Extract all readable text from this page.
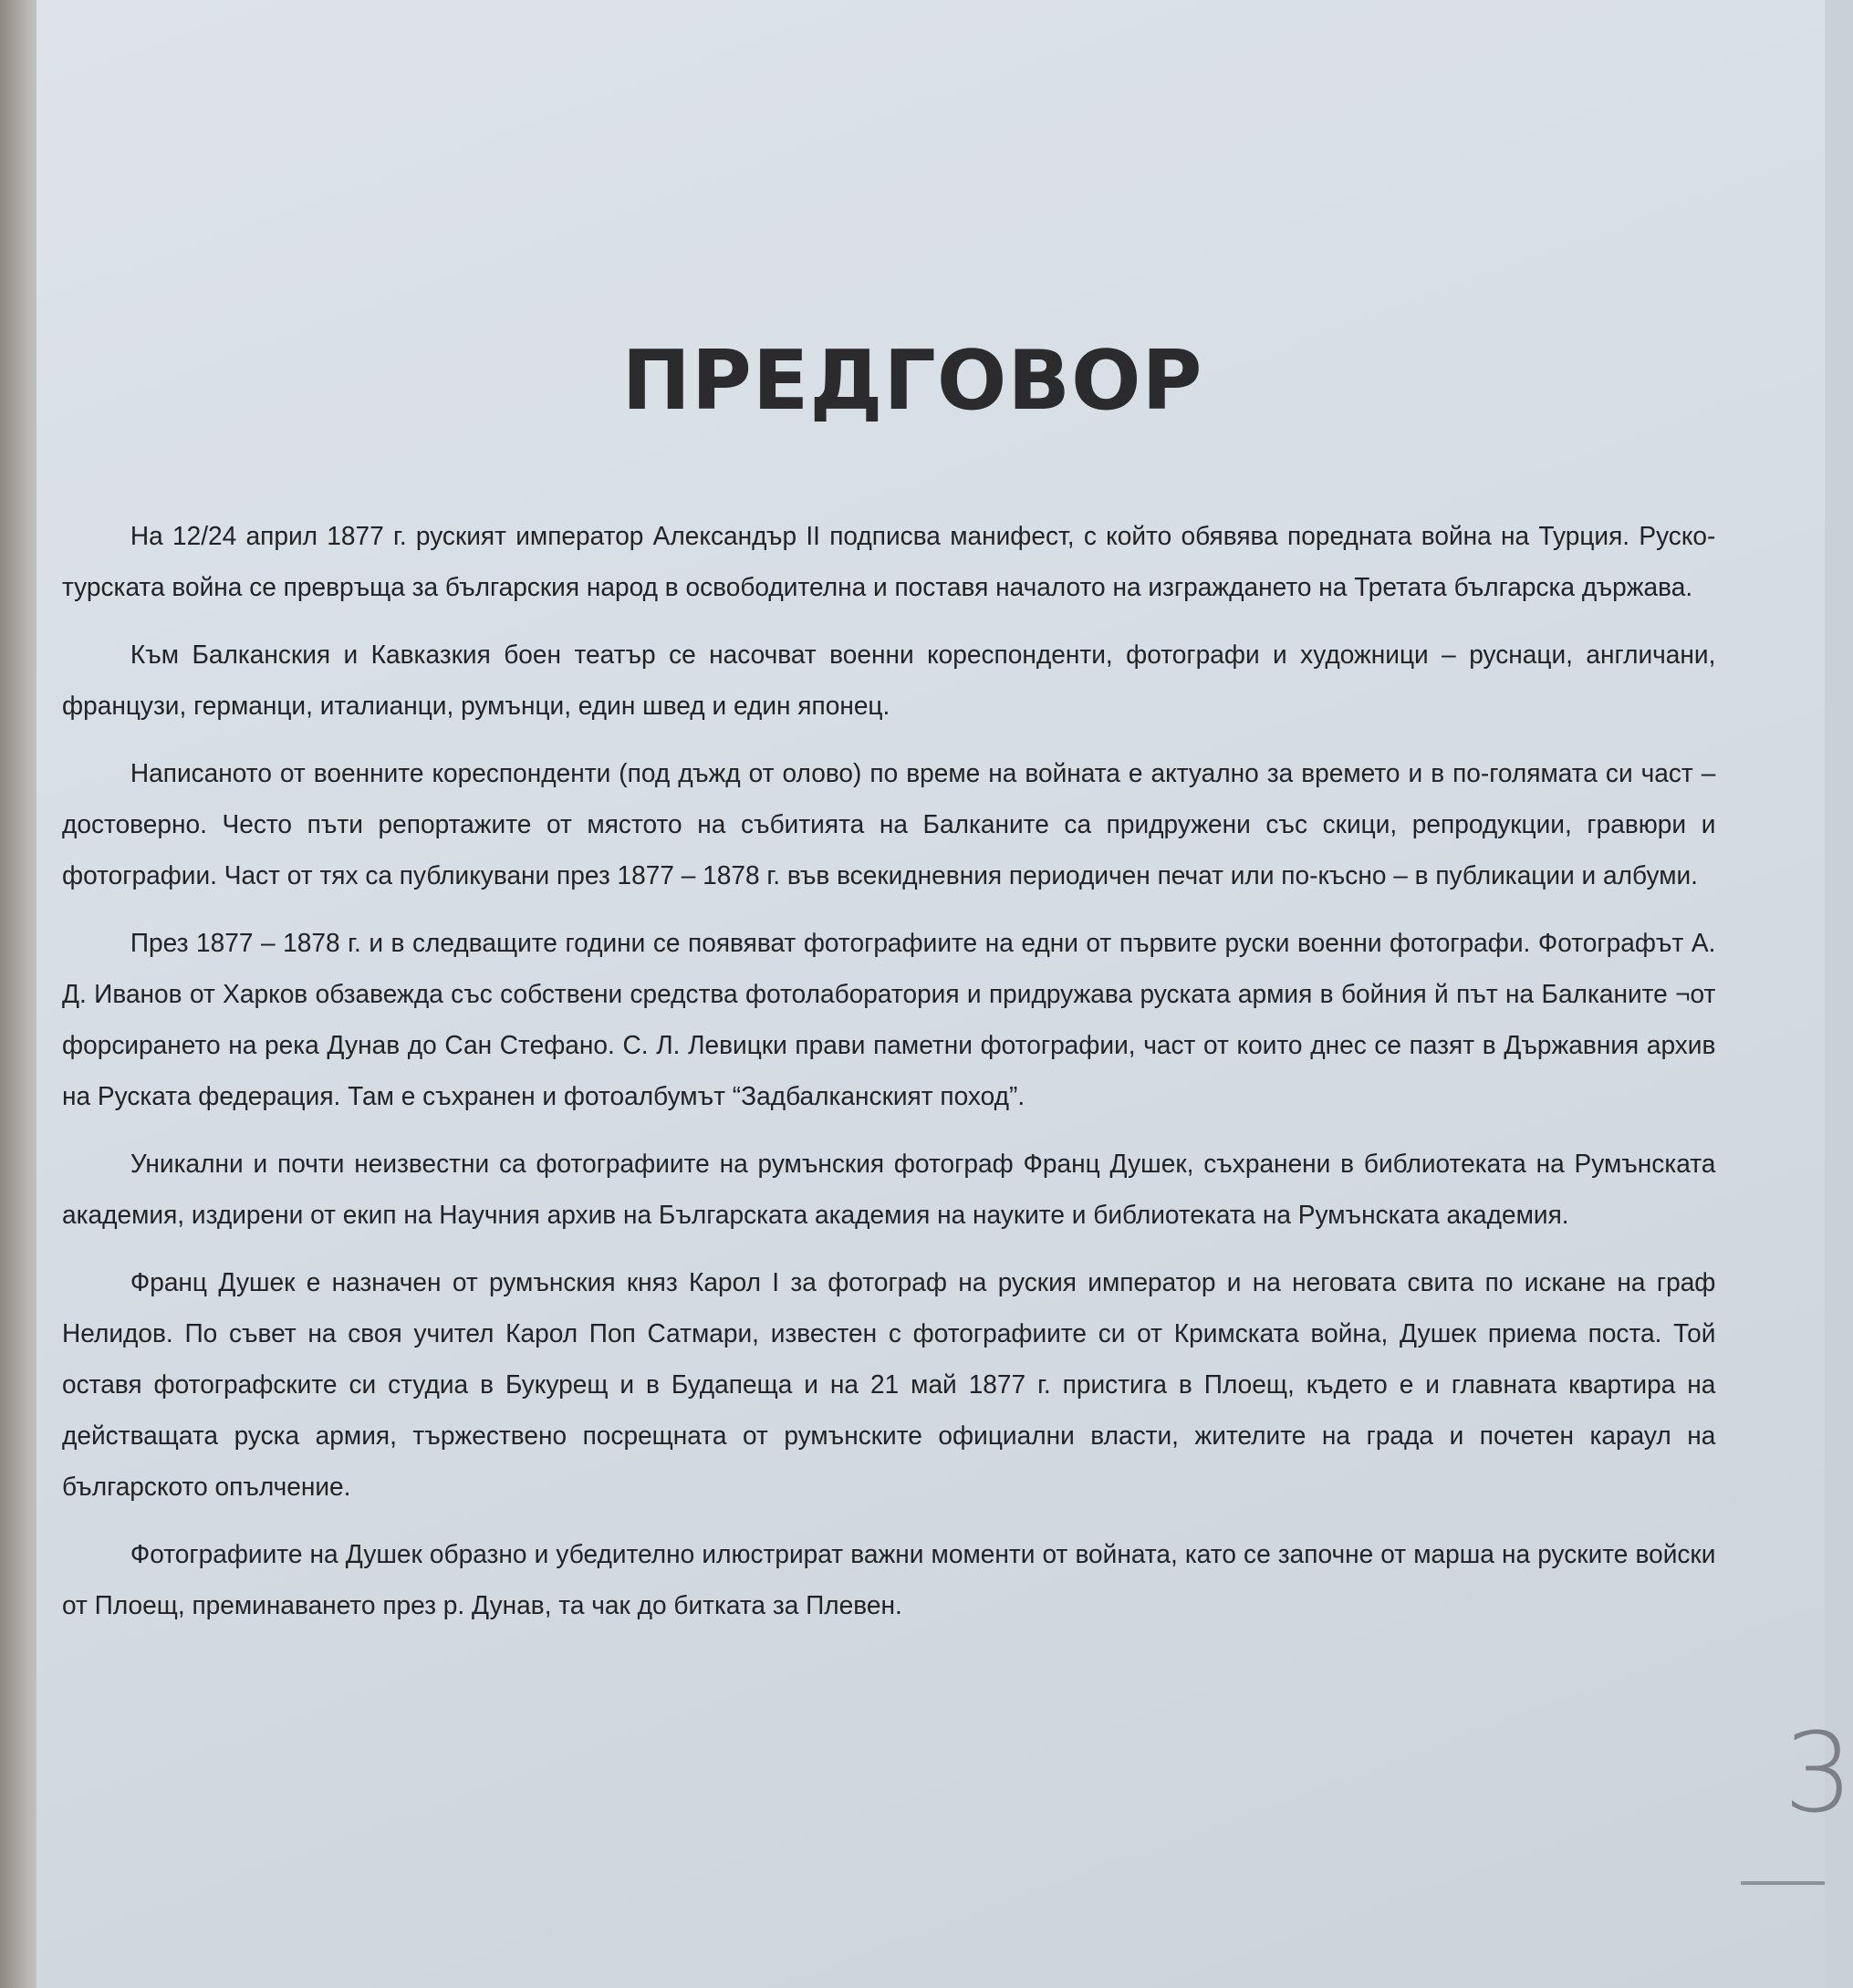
ПРЕДГОВОР

На 12/24 април 1877 г. руският император Александър II подписва манифест, с който обявява поредната война на Турция. Руско-турската война се превръща за българския народ в освободителна и поставя началото на изграждането на Третата българска държава.

Към Балканския и Кавказкия боен театър се насочват военни кореспонденти, фотографи и художници – руснаци, англичани, французи, германци, италианци, румънци, един швед и един японец.

Написаното от военните кореспонденти (под дъжд от олово) по време на войната е актуално за времето и в по-голямата си част – достоверно. Често пъти репортажите от мястото на събитията на Балканите са придружени със скици, репродукции, гравюри и фотографии. Част от тях са публикувани през 1877 – 1878 г. във всекидневния периодичен печат или по-късно – в публикации и албуми.

През 1877 – 1878 г. и в следващите години се появяват фотографиите на едни от първите руски военни фотографи. Фотографът А. Д. Иванов от Харков обзавежда със собствени средства фотолаборатория и придружава руската армия в бойния й път на Балканите ¬от форсирането на река Дунав до Сан Стефано. С. Л. Левицки прави паметни фотографии, част от които днес се пазят в Държавния архив на Руската федерация. Там е съхранен и фотоалбумът “Задбалканският поход”.

Уникални и почти неизвестни са фотографиите на румънския фотограф Франц Душек, съхранени в библиотеката на Румънската академия, издирени от екип на Научния архив на Българската академия на науките и библиотеката на Румънската академия.

Франц Душек е назначен от румънския княз Карол I за фотограф на руския император и на неговата свита по искане на граф Нелидов. По съвет на своя учител Карол Поп Сатмари, известен с фотографиите си от Кримската война, Душек приема поста. Той оставя фотографските си студиа в Букурещ и в Будапеща и на 21 май 1877 г. пристига в Плоещ, където е и главната квартира на действащата руска армия, тържествено посрещната от румънските официални власти, жителите на града и почетен караул на българското опълчение.

Фотографиите на Душек образно и убедително илюстрират важни моменти от войната, като се започне от марша на руските войски от Плоещ, преминаването през р. Дунав, та чак до битката за Плевен.

3
